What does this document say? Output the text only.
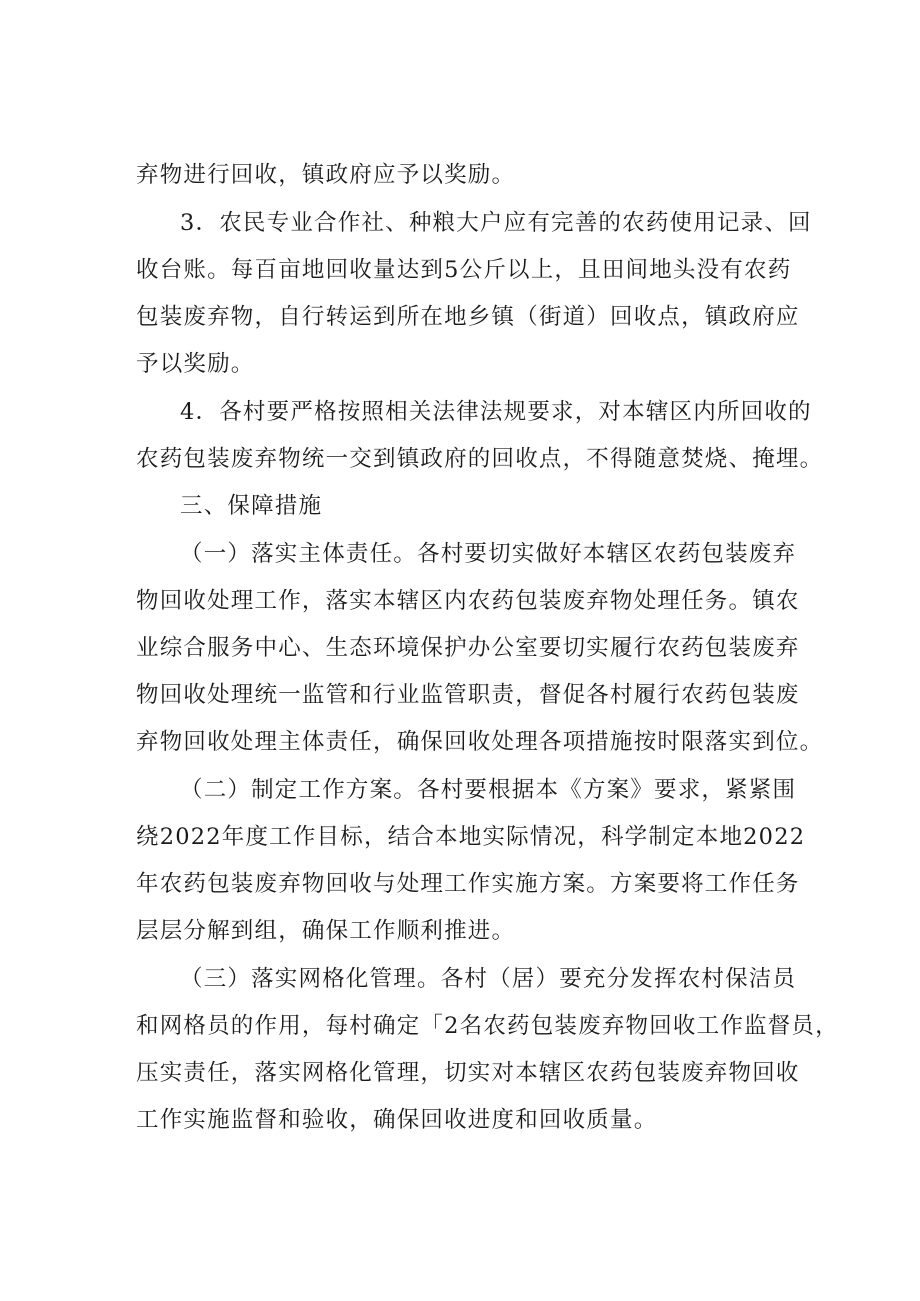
弃物进行回收，镇政府应予以奖励。
3．农民专业合作社、种粮大户应有完善的农药使用记录、回
收台账。每百亩地回收量达到5公斤以上，且田间地头没有农药
包装废弃物，自行转运到所在地乡镇（街道）回收点，镇政府应
予以奖励。
4．各村要严格按照相关法律法规要求，对本辖区内所回收的
农药包装废弃物统一交到镇政府的回收点，不得随意焚烧、掩埋。
三、保障措施
（一）落实主体责任。各村要切实做好本辖区农药包装废弃
物回收处理工作，落实本辖区内农药包装废弃物处理任务。镇农
业综合服务中心、生态环境保护办公室要切实履行农药包装废弃
物回收处理统一监管和行业监管职责，督促各村履行农药包装废
弃物回收处理主体责任，确保回收处理各项措施按时限落实到位。
（二）制定工作方案。各村要根据本《方案》要求，紧紧围
绕2022年度工作目标，结合本地实际情况，科学制定本地2022
年农药包装废弃物回收与处理工作实施方案。方案要将工作任务
层层分解到组，确保工作顺利推进。
（三）落实网格化管理。各村（居）要充分发挥农村保洁员
和网格员的作用，每村确定「2名农药包装废弃物回收工作监督员，
压实责任，落实网格化管理，切实对本辖区农药包装废弃物回收
工作实施监督和验收，确保回收进度和回收质量。
